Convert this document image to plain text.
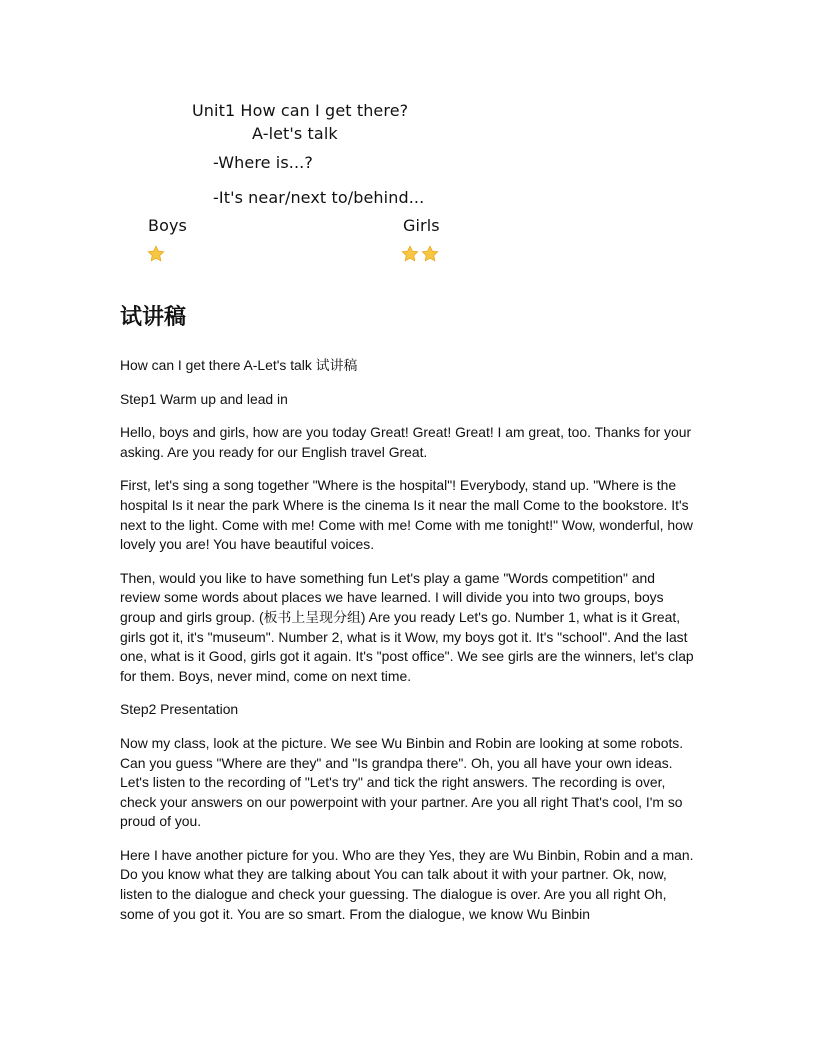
Unit1 How can I get there?
A-let's talk
-Where is...?
-It's near/next to/behind...
Boys	Girls
试讲稿

How can I get there A-Let's talk 试讲稿

Step1 Warm up and lead in

Hello, boys and girls, how are you today Great! Great! Great! I am great, too. Thanks for your asking. Are you ready for our English travel Great.

First, let's sing a song together "Where is the hospital"! Everybody, stand up. "Where is the hospital Is it near the park Where is the cinema Is it near the mall Come to the bookstore. It's next to the light. Come with me! Come with me! Come with me tonight!" Wow, wonderful, how lovely you are! You have beautiful voices.

Then, would you like to have something fun Let's play a game "Words competition" and review some words about places we have learned. I will divide you into two groups, boys group and girls group. (板书上呈现分组) Are you ready Let's go. Number 1, what is it Great, girls got it, it's "museum". Number 2, what is it Wow, my boys got it. It's "school". And the last one, what is it Good, girls got it again. It's "post office". We see girls are the winners, let's clap for them. Boys, never mind, come on next time.

Step2 Presentation

Now my class, look at the picture. We see Wu Binbin and Robin are looking at some robots. Can you guess "Where are they" and "Is grandpa there". Oh, you all have your own ideas. Let's listen to the recording of "Let's try" and tick the right answers. The recording is over, check your answers on our powerpoint with your partner. Are you all right That's cool, I'm so proud of you.

Here I have another picture for you. Who are they Yes, they are Wu Binbin, Robin and a man. Do you know what they are talking about You can talk about it with your partner. Ok, now, listen to the dialogue and check your guessing. The dialogue is over. Are you all right Oh, some of you got it. You are so smart. From the dialogue, we know Wu Binbin
